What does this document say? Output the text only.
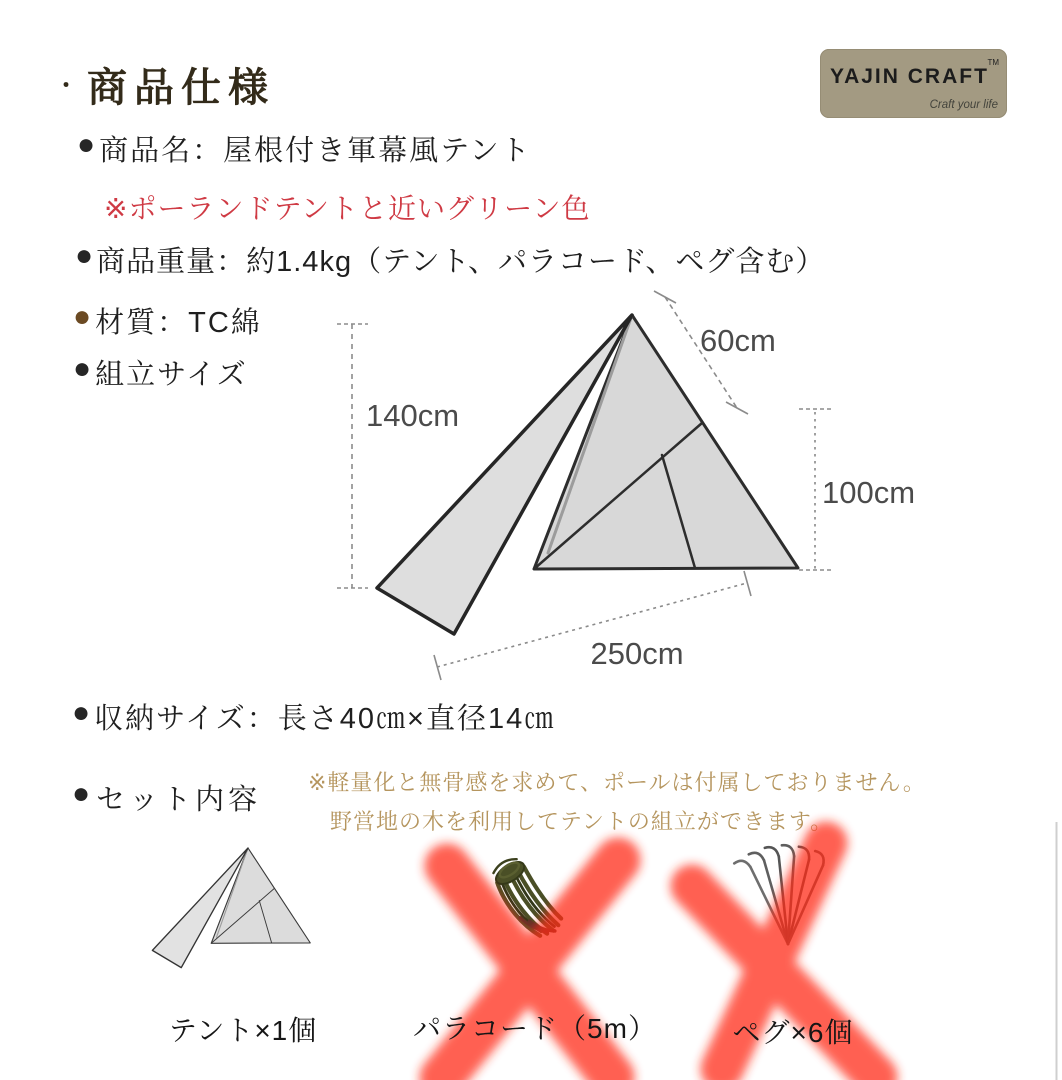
・ 商品仕様	YAJIN CRAFT
TM
Craft your life
● 商品名：屋根付き軍幕風テント
※ポーランドテントと近いグリーン色
● 商品重量：約1.4kg（テント、パラコード、ペグ含む）
● 材質：TC綿
● 組立サイズ
● 収納サイズ：長さ40㎝×直径14㎝
● セット内容
※軽量化と無骨感を求めて、ポールは付属しておりません。
野営地の木を利用してテントの組立ができます。
140cm
60cm
100cm
250cm
テント×1個	パラコード（5m）	ペグ×6個
